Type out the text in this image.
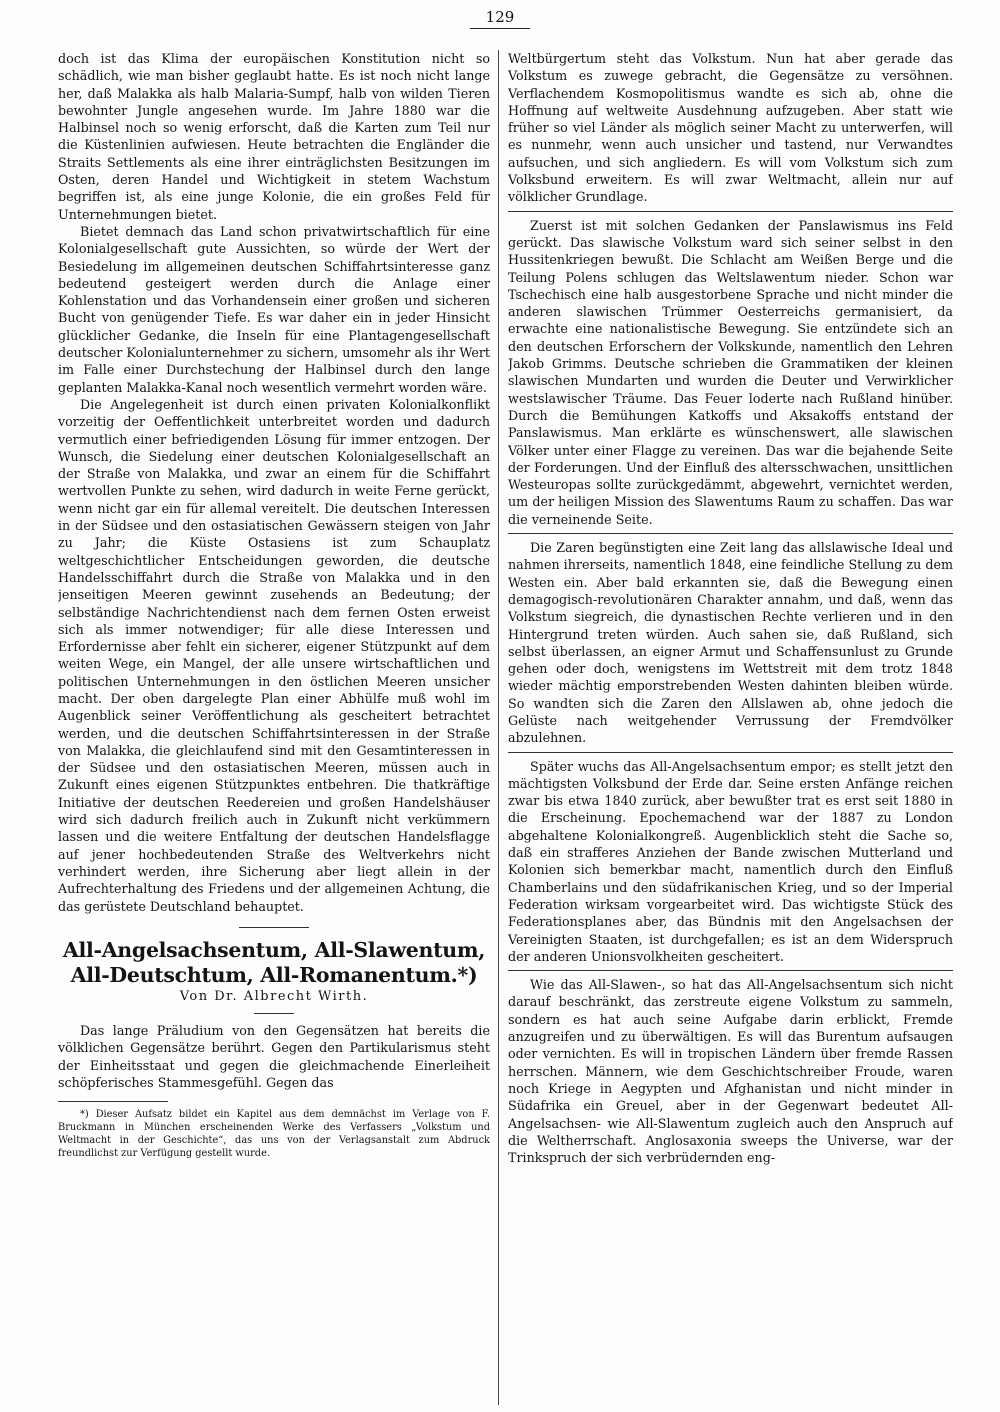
129

doch ist das Klima der europäischen Konstitution nicht so schädlich, wie man bisher geglaubt hatte. Es ist noch nicht lange her, daß Malakka als halb Malaria-Sumpf, halb von wilden Tieren bewohnter Jungle angesehen wurde. Im Jahre 1880 war die Halbinsel noch so wenig erforscht, daß die Karten zum Teil nur die Küstenlinien aufwiesen. Heute betrachten die Engländer die Straits Settlements als eine ihrer einträglichsten Besitzungen im Osten, deren Handel und Wichtigkeit in stetem Wachstum begriffen ist, als eine junge Kolonie, die ein großes Feld für Unternehmungen bietet.

Bietet demnach das Land schon privatwirtschaftlich für eine Kolonialgesellschaft gute Aussichten, so würde der Wert der Besiedelung im allgemeinen deutschen Schiffahrtsinteresse ganz bedeutend gesteigert werden durch die Anlage einer Kohlenstation und das Vorhandensein einer großen und sicheren Bucht von genügender Tiefe. Es war daher ein in jeder Hinsicht glücklicher Gedanke, die Inseln für eine Plantagengesellschaft deutscher Kolonialunternehmer zu sichern, umsomehr als ihr Wert im Falle einer Durchstechung der Halbinsel durch den lange geplanten Malakka-Kanal noch wesentlich vermehrt worden wäre.

Die Angelegenheit ist durch einen privaten Kolonialkonflikt vorzeitig der Oeffentlichkeit unterbreitet worden und dadurch vermutlich einer befriedigenden Lösung für immer entzogen. Der Wunsch, die Siedelung einer deutschen Kolonialgesellschaft an der Straße von Malakka, und zwar an einem für die Schiffahrt wertvollen Punkte zu sehen, wird dadurch in weite Ferne gerückt, wenn nicht gar ein für allemal vereitelt. Die deutschen Interessen in der Südsee und den ostasiatischen Gewässern steigen von Jahr zu Jahr; die Küste Ostasiens ist zum Schauplatz weltgeschichtlicher Entscheidungen geworden, die deutsche Handelsschiffahrt durch die Straße von Malakka und in den jenseitigen Meeren gewinnt zusehends an Bedeutung; der selbständige Nachrichtendienst nach dem fernen Osten erweist sich als immer notwendiger; für alle diese Interessen und Erfordernisse aber fehlt ein sicherer, eigener Stützpunkt auf dem weiten Wege, ein Mangel, der alle unsere wirtschaftlichen und politischen Unternehmungen in den östlichen Meeren unsicher macht. Der oben dargelegte Plan einer Abhülfe muß wohl im Augenblick seiner Veröffentlichung als gescheitert betrachtet werden, und die deutschen Schiffahrtsinteressen in der Straße von Malakka, die gleichlaufend sind mit den Gesamtinteressen in der Südsee und den ostasiatischen Meeren, müssen auch in Zukunft eines eigenen Stützpunktes entbehren. Die thatkräftige Initiative der deutschen Reedereien und großen Handelshäuser wird sich dadurch freilich auch in Zukunft nicht verkümmern lassen und die weitere Entfaltung der deutschen Handelsflagge auf jener hochbedeutenden Straße des Weltverkehrs nicht verhindert werden, ihre Sicherung aber liegt allein in der Aufrechterhaltung des Friedens und der allgemeinen Achtung, die das gerüstete Deutschland behauptet.

All-Angelsachsentum, All-Slawentum, All-Deutschtum, All-Romanentum.*)
Von Dr. Albrecht Wirth.

Das lange Präludium von den Gegensätzen hat bereits die völklichen Gegensätze berührt. Gegen den Partikularismus steht der Einheitsstaat und gegen die gleichmachende Einerleiheit schöpferisches Stammesgefühl. Gegen das

*) Dieser Aufsatz bildet ein Kapitel aus dem demnächst im Verlage von F. Bruckmann in München erscheinenden Werke des Verfassers „Volkstum und Weltmacht in der Geschichte“, das uns von der Verlagsanstalt zum Abdruck freundlichst zur Verfügung gestellt wurde.

Weltbürgertum steht das Volkstum. Nun hat aber gerade das Volkstum es zuwege gebracht, die Gegensätze zu versöhnen. Verflachendem Kosmopolitismus wandte es sich ab, ohne die Hoffnung auf weltweite Ausdehnung aufzugeben. Aber statt wie früher so viel Länder als möglich seiner Macht zu unterwerfen, will es nunmehr, wenn auch unsicher und tastend, nur Verwandtes aufsuchen, und sich angliedern. Es will vom Volkstum sich zum Volksbund erweitern. Es will zwar Weltmacht, allein nur auf völklicher Grundlage.

Zuerst ist mit solchen Gedanken der Panslawismus ins Feld gerückt. Das slawische Volkstum ward sich seiner selbst in den Hussitenkriegen bewußt. Die Schlacht am Weißen Berge und die Teilung Polens schlugen das Weltslawentum nieder. Schon war Tschechisch eine halb ausgestorbene Sprache und nicht minder die anderen slawischen Trümmer Oesterreichs germanisiert, da erwachte eine nationalistische Bewegung. Sie entzündete sich an den deutschen Erforschern der Volkskunde, namentlich den Lehren Jakob Grimms. Deutsche schrieben die Grammatiken der kleinen slawischen Mundarten und wurden die Deuter und Verwirklicher westslawischer Träume. Das Feuer loderte nach Rußland hinüber. Durch die Bemühungen Katkoffs und Aksakoffs entstand der Panslawismus. Man erklärte es wünschenswert, alle slawischen Völker unter einer Flagge zu vereinen. Das war die bejahende Seite der Forderungen. Und der Einfluß des altersschwachen, unsittlichen Westeuropas sollte zurückgedämmt, abgewehrt, vernichtet werden, um der heiligen Mission des Slawentums Raum zu schaffen. Das war die verneinende Seite.

Die Zaren begünstigten eine Zeit lang das allslawische Ideal und nahmen ihrerseits, namentlich 1848, eine feindliche Stellung zu dem Westen ein. Aber bald erkannten sie, daß die Bewegung einen demagogisch-revolutionären Charakter annahm, und daß, wenn das Volkstum siegreich, die dynastischen Rechte verlieren und in den Hintergrund treten würden. Auch sahen sie, daß Rußland, sich selbst überlassen, an eigner Armut und Schaffensunlust zu Grunde gehen oder doch, wenigstens im Wettstreit mit dem trotz 1848 wieder mächtig emporstrebenden Westen dahinten bleiben würde. So wandten sich die Zaren den Allslawen ab, ohne jedoch die Gelüste nach weitgehender Verrussung der Fremdvölker abzulehnen.

Später wuchs das All-Angelsachsentum empor; es stellt jetzt den mächtigsten Volksbund der Erde dar. Seine ersten Anfänge reichen zwar bis etwa 1840 zurück, aber bewußter trat es erst seit 1880 in die Erscheinung. Epochemachend war der 1887 zu London abgehaltene Kolonialkongreß. Augenblicklich steht die Sache so, daß ein strafferes Anziehen der Bande zwischen Mutterland und Kolonien sich bemerkbar macht, namentlich durch den Einfluß Chamberlains und den südafrikanischen Krieg, und so der Imperial Federation wirksam vorgearbeitet wird. Das wichtigste Stück des Federationsplanes aber, das Bündnis mit den Angelsachsen der Vereinigten Staaten, ist durchgefallen; es ist an dem Widerspruch der anderen Unionsvolkheiten gescheitert.

Wie das All-Slawen-, so hat das All-Angelsachsentum sich nicht darauf beschränkt, das zerstreute eigene Volkstum zu sammeln, sondern es hat auch seine Aufgabe darin erblickt, Fremde anzugreifen und zu überwältigen. Es will das Burentum aufsaugen oder vernichten. Es will in tropischen Ländern über fremde Rassen herrschen. Männern, wie dem Geschichtschreiber Froude, waren noch Kriege in Aegypten und Afghanistan und nicht minder in Südafrika ein Greuel, aber in der Gegenwart bedeutet All-Angelsachsen- wie All-Slawentum zugleich auch den Anspruch auf die Weltherrschaft. Anglosaxonia sweeps the Universe, war der Trinkspruch der sich verbrüdernden eng-
